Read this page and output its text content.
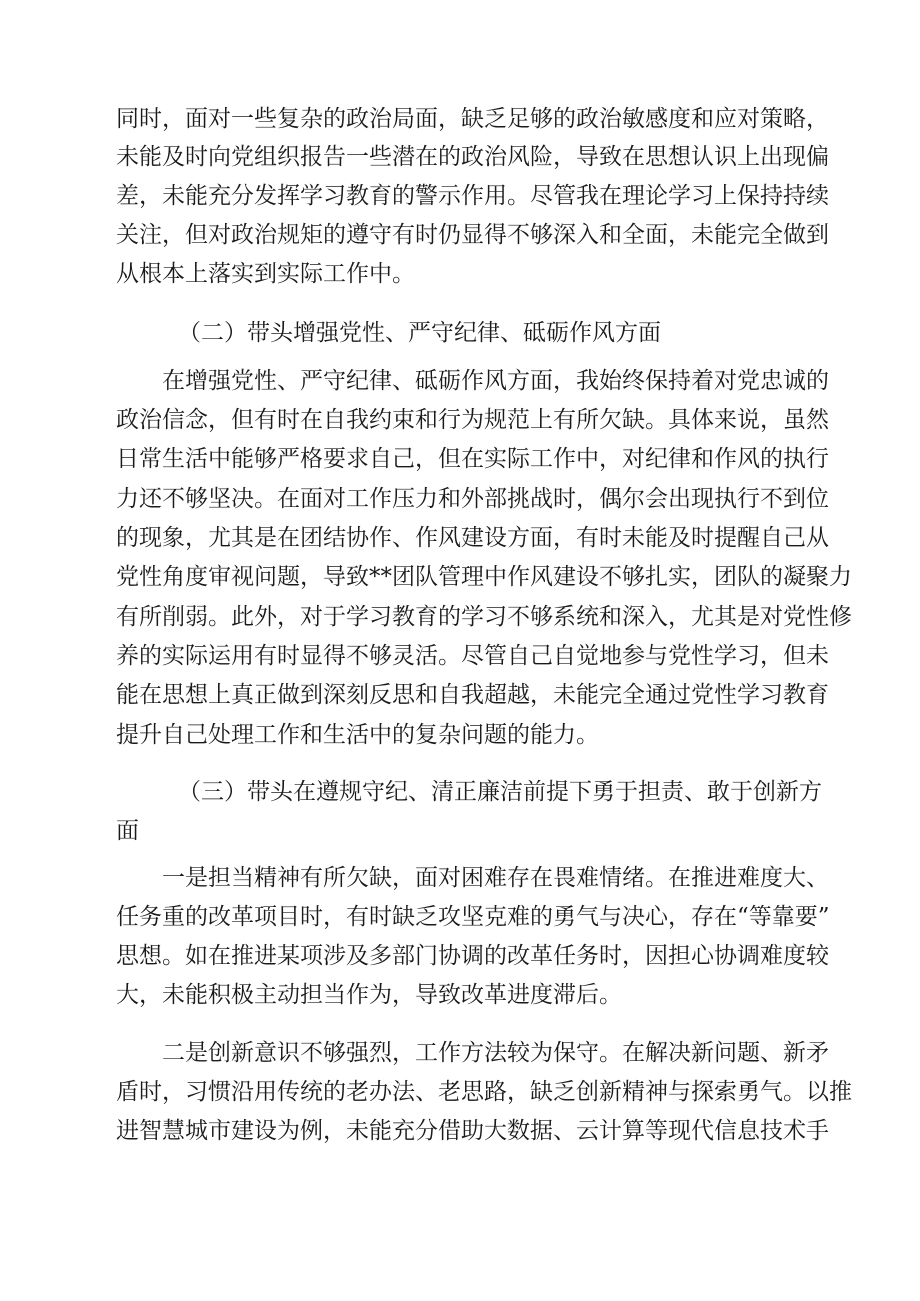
同时，面对一些复杂的政治局面，缺乏足够的政治敏感度和应对策略，
未能及时向党组织报告一些潜在的政治风险，导致在思想认识上出现偏
差，未能充分发挥学习教育的警示作用。尽管我在理论学习上保持持续
关注，但对政治规矩的遵守有时仍显得不够深入和全面，未能完全做到
从根本上落实到实际工作中。
（二）带头增强党性、严守纪律、砥砺作风方面
在增强党性、严守纪律、砥砺作风方面，我始终保持着对党忠诚的
政治信念，但有时在自我约束和行为规范上有所欠缺。具体来说，虽然
日常生活中能够严格要求自己，但在实际工作中，对纪律和作风的执行
力还不够坚决。在面对工作压力和外部挑战时，偶尔会出现执行不到位
的现象，尤其是在团结协作、作风建设方面，有时未能及时提醒自己从
党性角度审视问题，导致**团队管理中作风建设不够扎实，团队的凝聚力
有所削弱。此外，对于学习教育的学习不够系统和深入，尤其是对党性修
养的实际运用有时显得不够灵活。尽管自己自觉地参与党性学习，但未
能在思想上真正做到深刻反思和自我超越，未能完全通过党性学习教育
提升自己处理工作和生活中的复杂问题的能力。
（三）带头在遵规守纪、清正廉洁前提下勇于担责、敢于创新方
面
一是担当精神有所欠缺，面对困难存在畏难情绪。在推进难度大、
任务重的改革项目时，有时缺乏攻坚克难的勇气与决心，存在“等靠要”
思想。如在推进某项涉及多部门协调的改革任务时，因担心协调难度较
大，未能积极主动担当作为，导致改革进度滞后。
二是创新意识不够强烈，工作方法较为保守。在解决新问题、新矛
盾时，习惯沿用传统的老办法、老思路，缺乏创新精神与探索勇气。以推
进智慧城市建设为例，未能充分借助大数据、云计算等现代信息技术手
